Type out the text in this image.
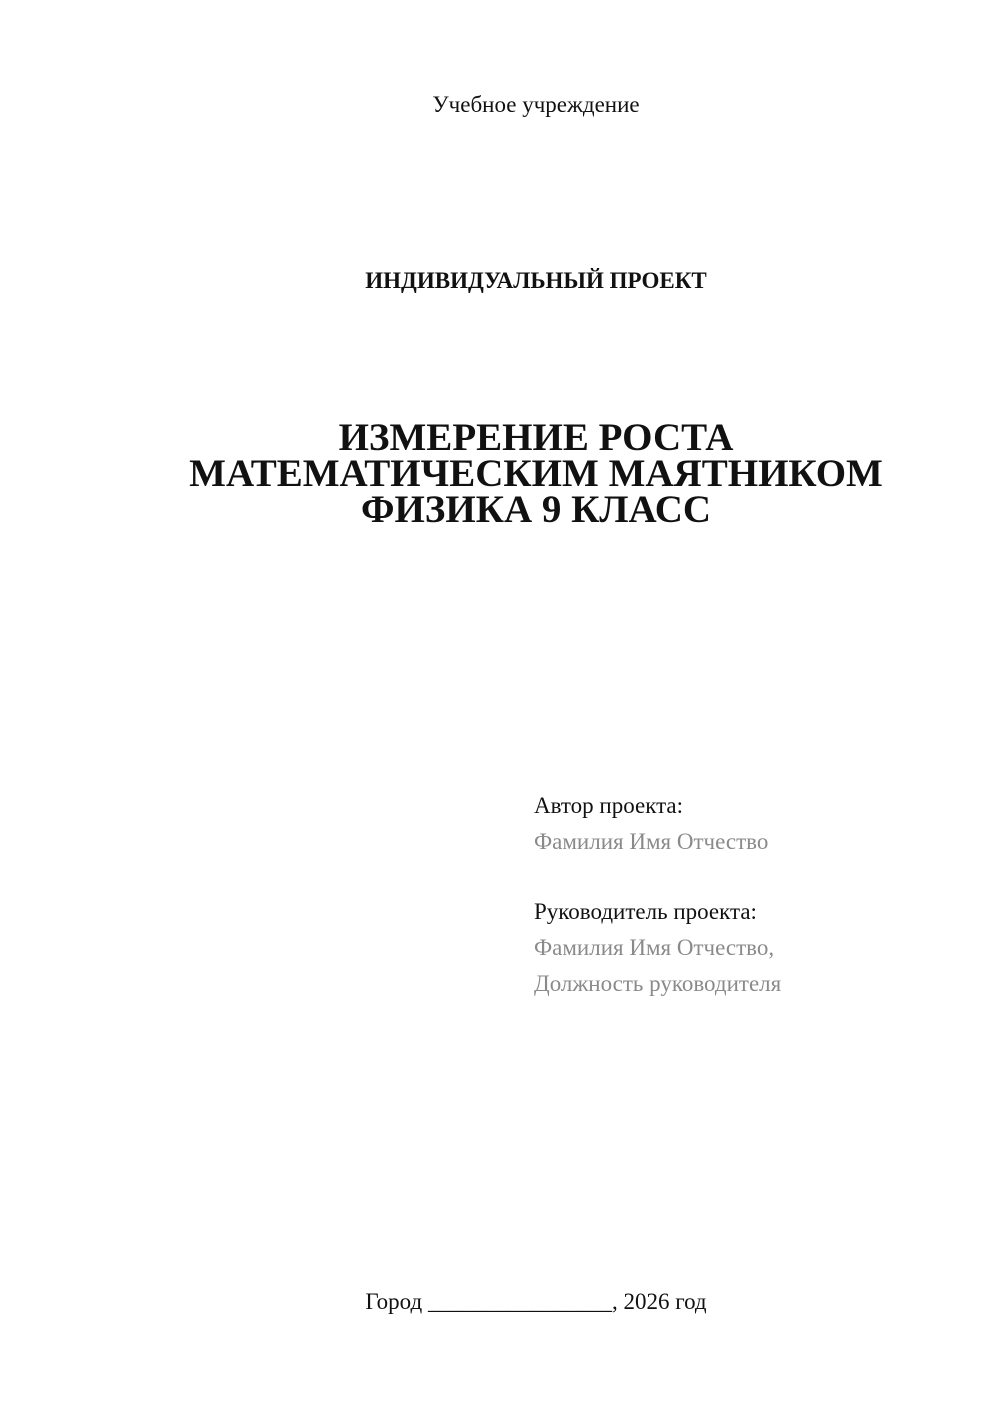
Учебное учреждение
ИНДИВИДУАЛЬНЫЙ ПРОЕКТ
ИЗМЕРЕНИЕ РОСТА
МАТЕМАТИЧЕСКИМ МАЯТНИКОМ
ФИЗИКА 9 КЛАСС
Автор проекта:
Фамилия Имя Отчество
Руководитель проекта:
Фамилия Имя Отчество,
Должность руководителя
Город ________________, 2026 год
